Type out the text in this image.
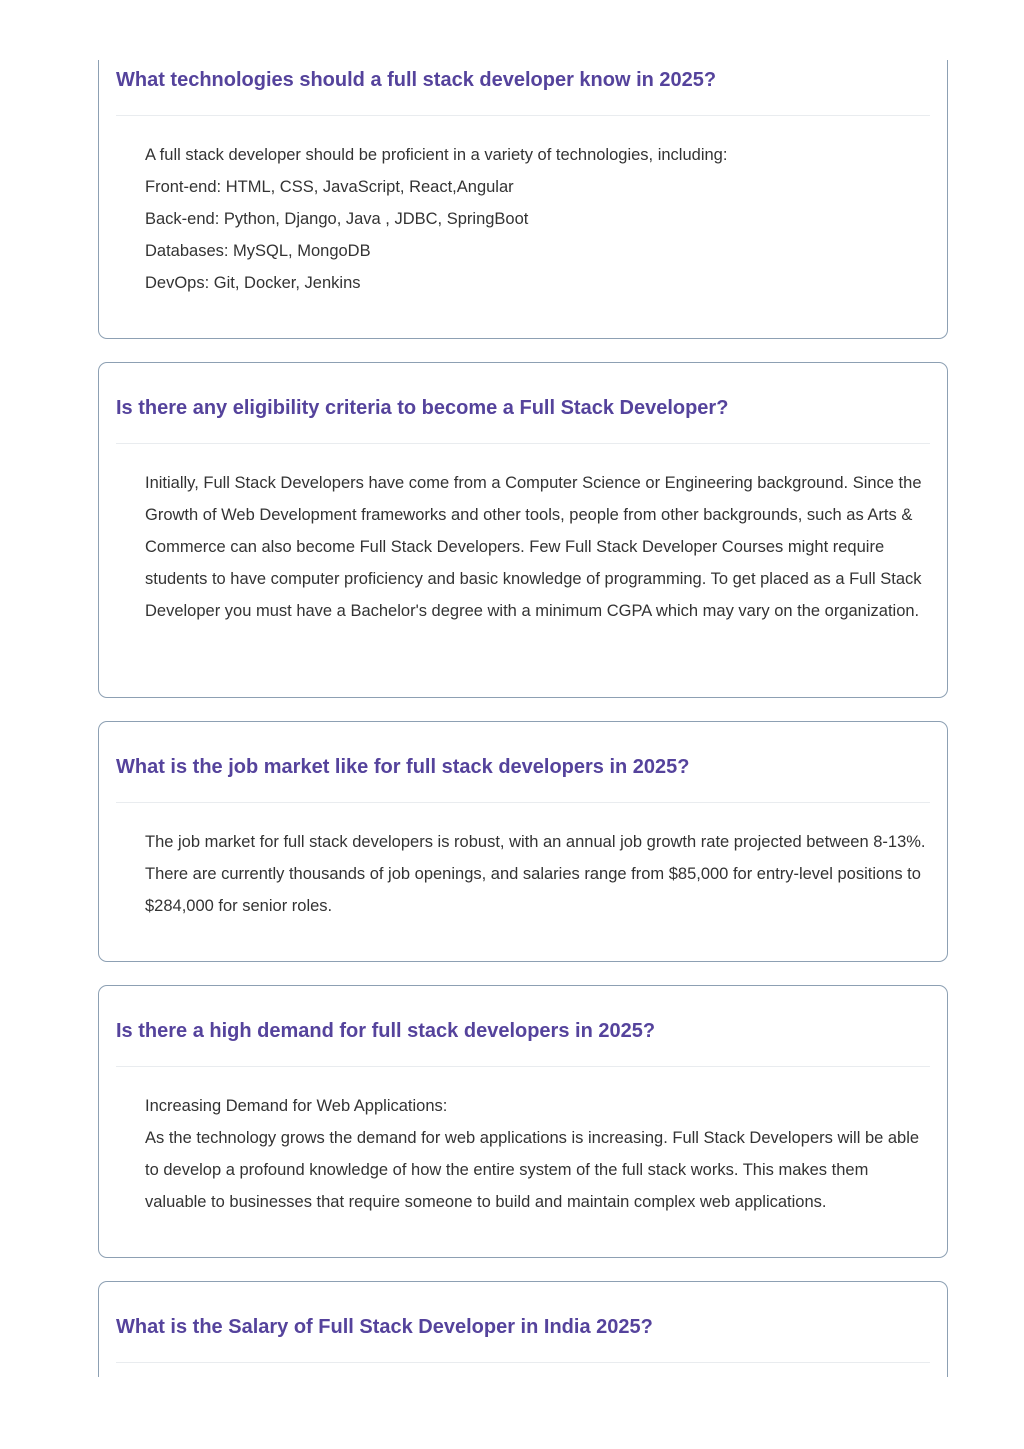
What technologies should a full stack developer know in 2025?

A full stack developer should be proficient in a variety of technologies, including:

Front-end: HTML, CSS, JavaScript, React,Angular

Back-end: Python, Django, Java , JDBC, SpringBoot

Databases: MySQL, MongoDB

DevOps: Git, Docker, Jenkins

Is there any eligibility criteria to become a Full Stack Developer?

Initially, Full Stack Developers have come from a Computer Science or Engineering background. Since the Growth of Web Development frameworks and other tools, people from other backgrounds, such as Arts & Commerce can also become Full Stack Developers. Few Full Stack Developer Courses might require students to have computer proficiency and basic knowledge of programming. To get placed as a Full Stack Developer you must have a Bachelor's degree with a minimum CGPA which may vary on the organization.

What is the job market like for full stack developers in 2025?

The job market for full stack developers is robust, with an annual job growth rate projected between 8-13%. There are currently thousands of job openings, and salaries range from $85,000 for entry-level positions to $284,000 for senior roles.

Is there a high demand for full stack developers in 2025?

Increasing Demand for Web Applications:

As the technology grows the demand for web applications is increasing. Full Stack Developers will be able to develop a profound knowledge of how the entire system of the full stack works. This makes them valuable to businesses that require someone to build and maintain complex web applications.

What is the Salary of Full Stack Developer in India 2025?
